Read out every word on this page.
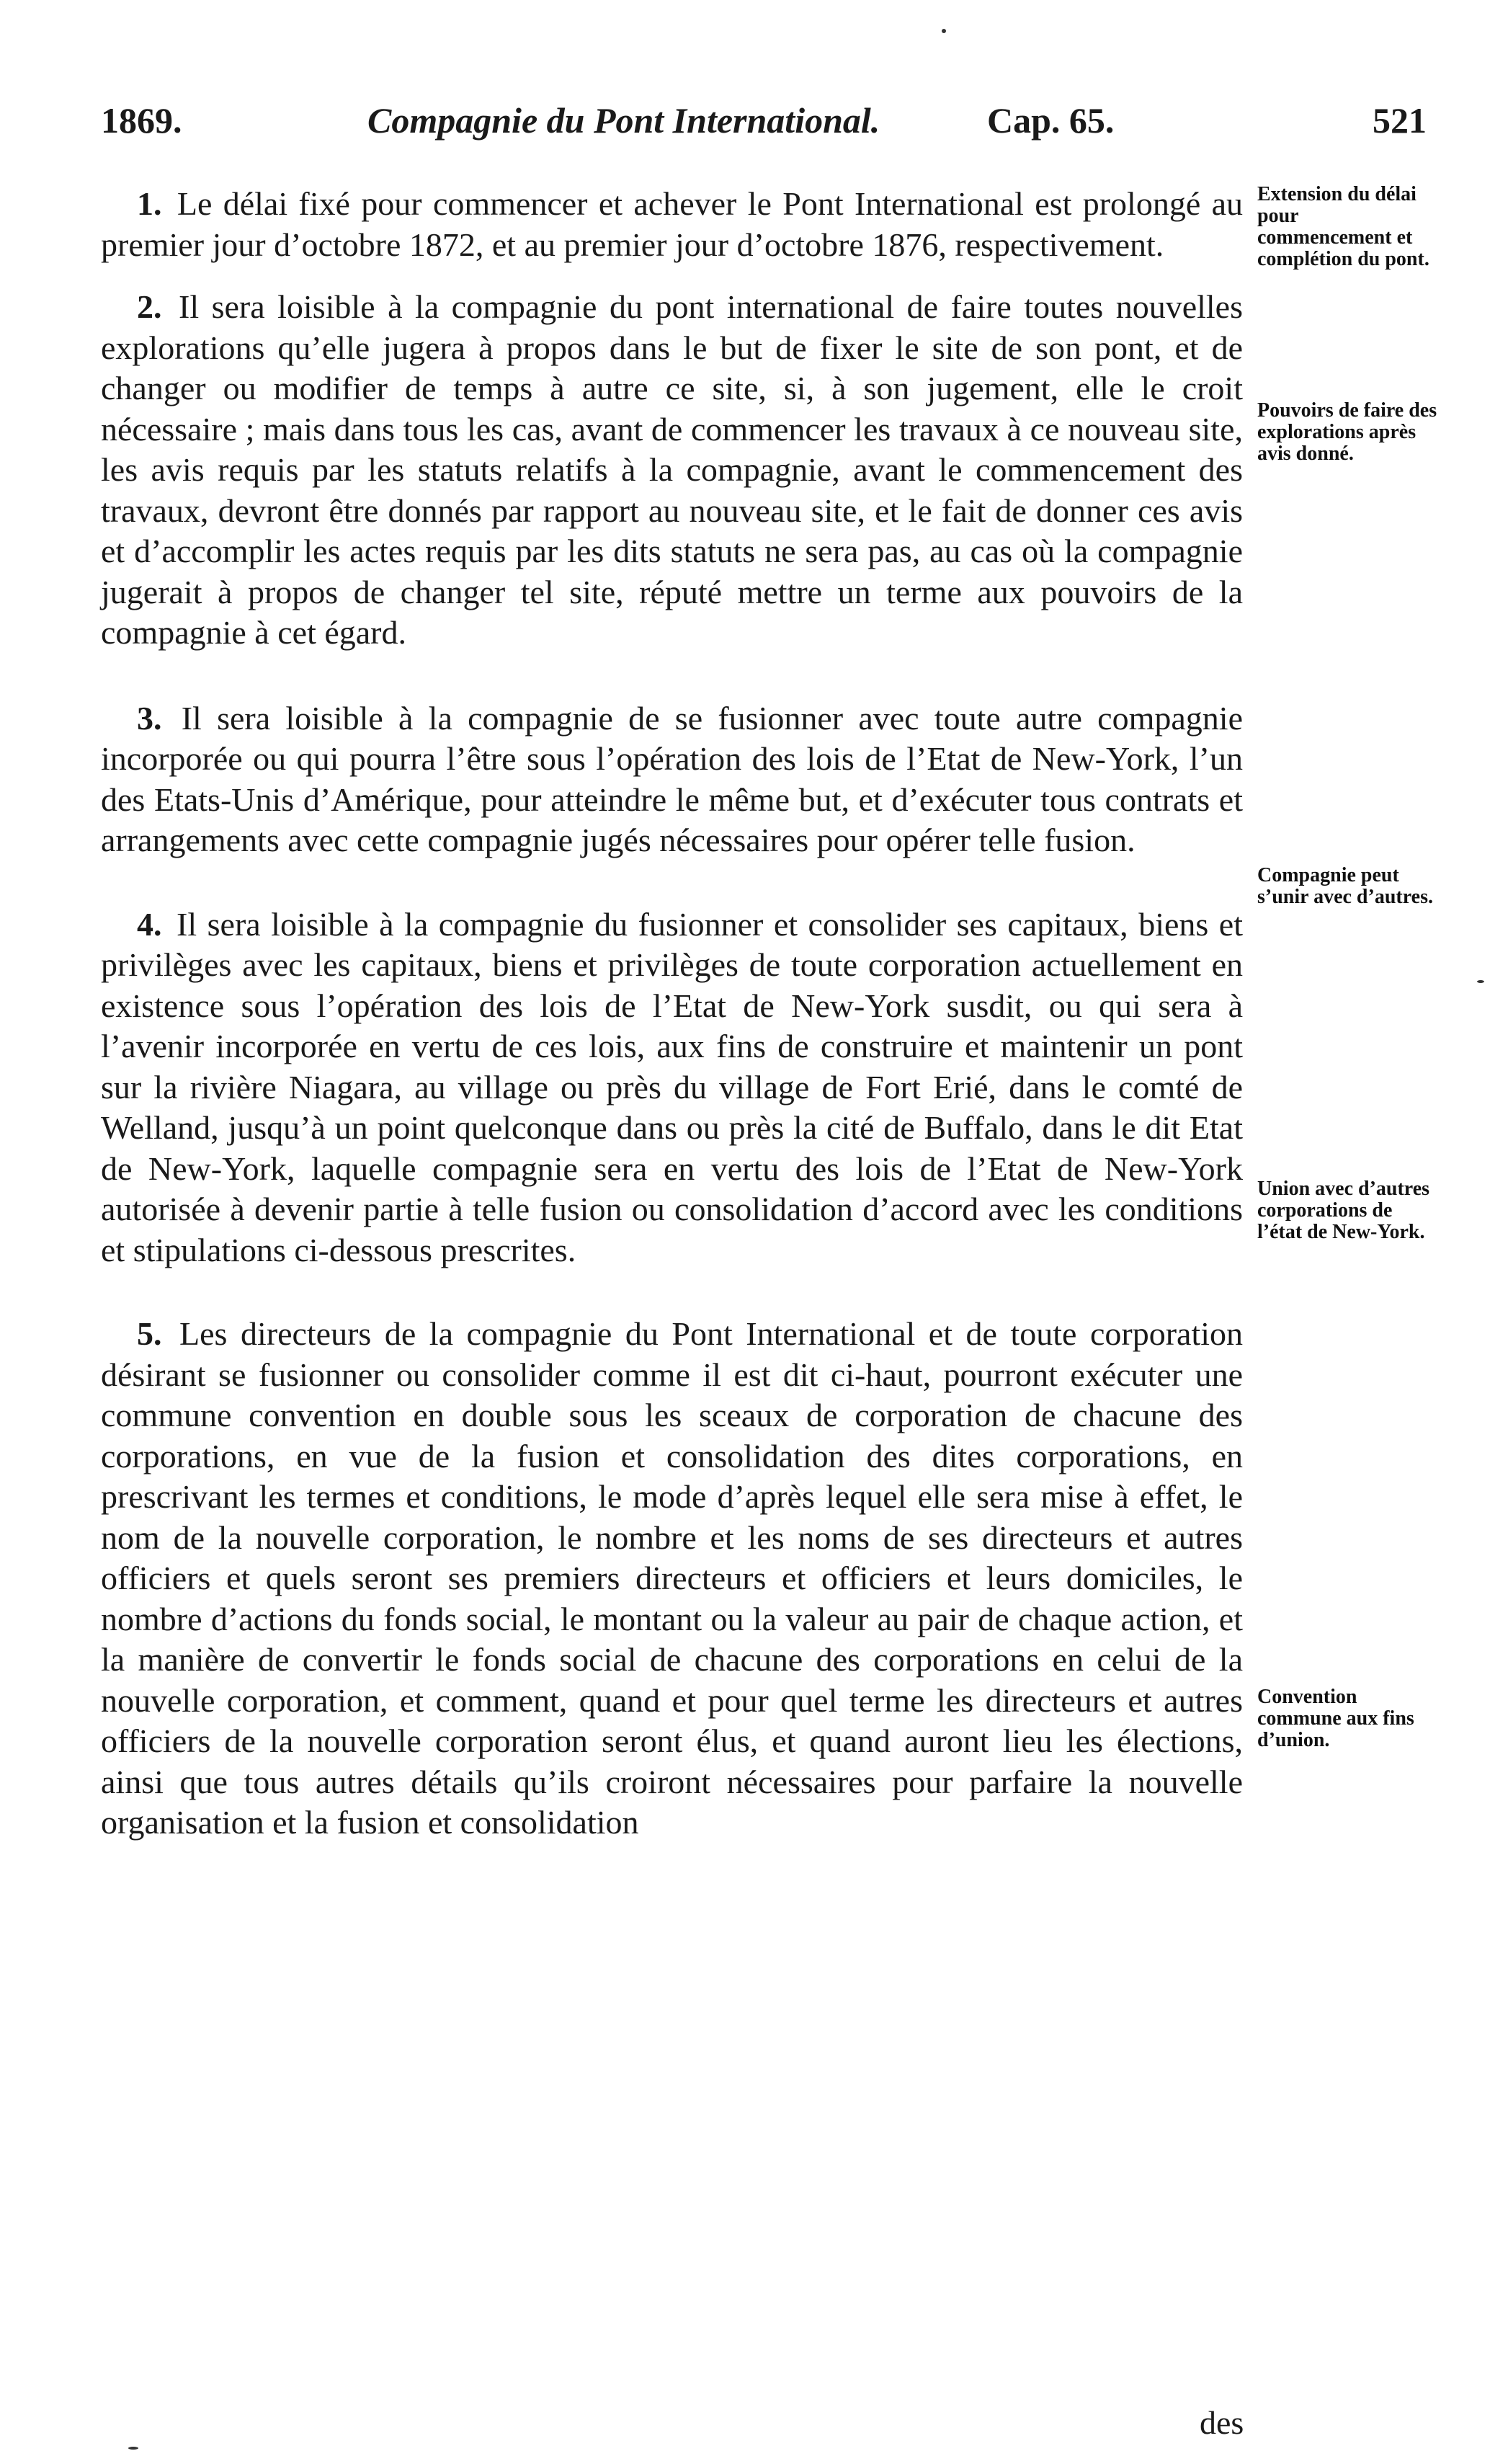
1869.	Compagnie du Pont International.	Cap. 65.	521

1. Le délai fixé pour commencer et achever le Pont International est prolongé au premier jour d’octobre 1872, et au premier jour d’octobre 1876, respectivement.

2. Il sera loisible à la compagnie du pont international de faire toutes nouvelles explorations qu’elle jugera à propos dans le but de fixer le site de son pont, et de changer ou modifier de temps à autre ce site, si, à son jugement, elle le croit nécessaire ; mais dans tous les cas, avant de commencer les travaux à ce nouveau site, les avis requis par les statuts relatifs à la compagnie, avant le commencement des travaux, devront être donnés par rapport au nouveau site, et le fait de donner ces avis et d’accomplir les actes requis par les dits statuts ne sera pas, au cas où la compagnie jugerait à propos de changer tel site, réputé mettre un terme aux pouvoirs de la compagnie à cet égard.

3. Il sera loisible à la compagnie de se fusionner avec toute autre compagnie incorporée ou qui pourra l’être sous l’opération des lois de l’Etat de New-York, l’un des Etats-Unis d’Amérique, pour atteindre le même but, et d’exécuter tous contrats et arrangements avec cette compagnie jugés nécessaires pour opérer telle fusion.

4. Il sera loisible à la compagnie du fusionner et consolider ses capitaux, biens et privilèges avec les capitaux, biens et privilèges de toute corporation actuellement en existence sous l’opération des lois de l’Etat de New-York susdit, ou qui sera à l’avenir incorporée en vertu de ces lois, aux fins de construire et maintenir un pont sur la rivière Niagara, au village ou près du village de Fort Erié, dans le comté de Welland, jusqu’à un point quelconque dans ou près la cité de Buffalo, dans le dit Etat de New-York, laquelle compagnie sera en vertu des lois de l’Etat de New-York autorisée à devenir partie à telle fusion ou consolidation d’accord avec les conditions et stipulations ci-dessous prescrites.

5. Les directeurs de la compagnie du Pont International et de toute corporation désirant se fusionner ou consolider comme il est dit ci-haut, pourront exécuter une commune convention en double sous les sceaux de corporation de chacune des corporations, en vue de la fusion et consolidation des dites corporations, en prescrivant les termes et conditions, le mode d’après lequel elle sera mise à effet, le nom de la nouvelle corporation, le nombre et les noms de ses directeurs et autres officiers et quels seront ses premiers directeurs et officiers et leurs domiciles, le nombre d’actions du fonds social, le montant ou la valeur au pair de chaque action, et la manière de convertir le fonds social de chacune des corporations en celui de la nouvelle corporation, et comment, quand et pour quel terme les directeurs et autres officiers de la nouvelle corporation seront élus, et quand auront lieu les élections, ainsi que tous autres détails qu’ils croiront nécessaires pour parfaire la nouvelle organisation et la fusion et consolidation

Extension du délai pour commencement et complétion du pont.
Pouvoirs de faire des explorations après avis donné.
Compagnie peut s’unir avec d’autres.
Union avec d’autres corporations de l’état de New-York.
Convention commune aux fins d’union.
des
